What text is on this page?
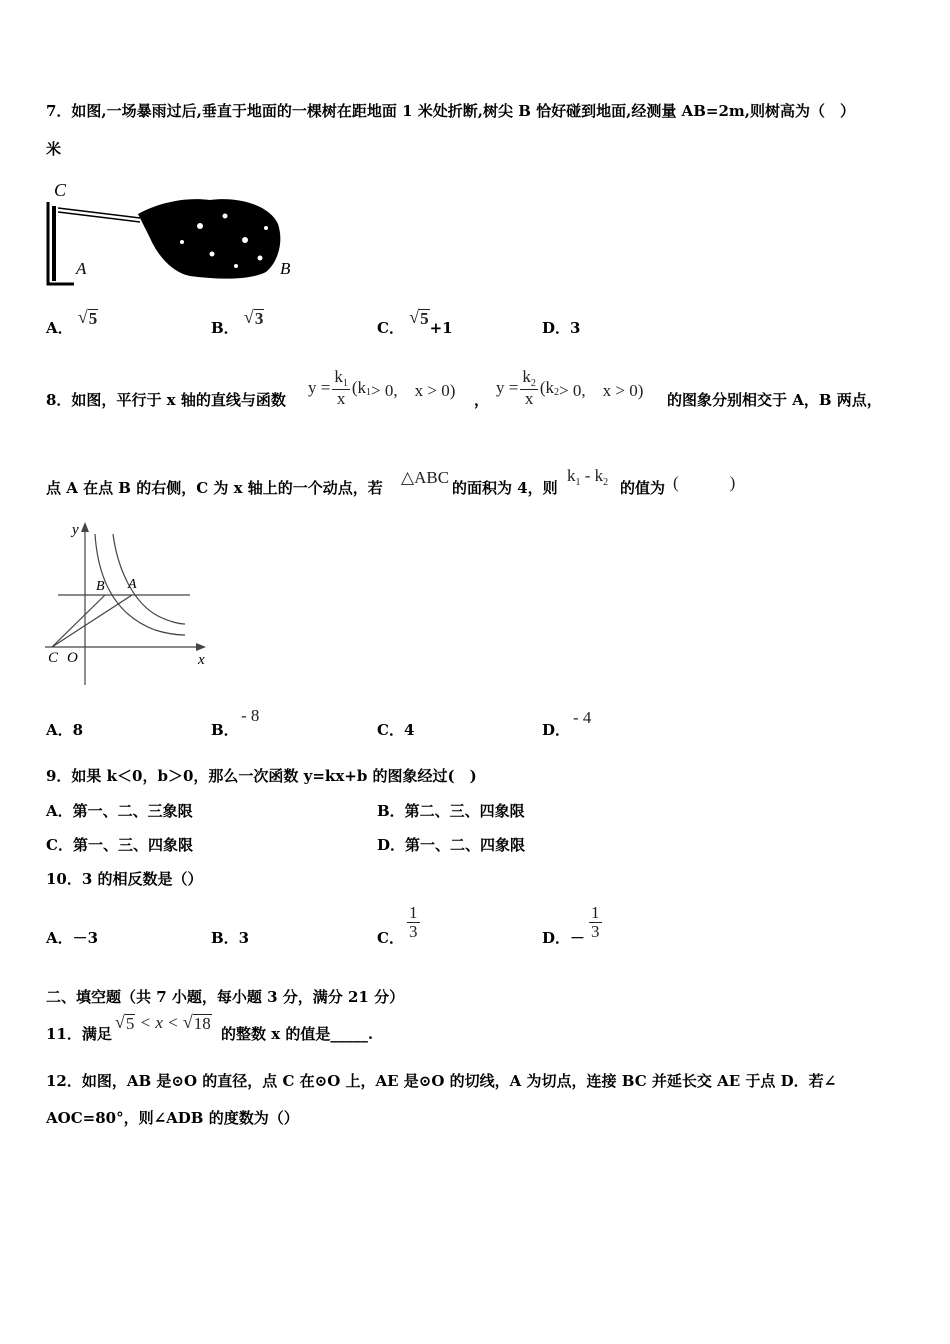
7．如图,一场暴雨过后,垂直于地面的一棵树在距地面 1 米处折断,树尖 B 恰好碰到地面,经测量 AB=2m,则树高为（　）
米
C
A	B
A．
√ 5	B．
√ 3	C．
√ 5 +1	D．3
8．如图，平行于 x 轴的直线与函数
$y = \frac{k_1}{x} (k$ 1 > 0,　x > 0)
，
$y = \frac{k_2}{x} (k$ 2 > 0,　x > 0)
的图象分别相交于 A，B 两点，
点 A 在点 B 的右侧，C 为 x 轴上的一个动点，若
△ABC
的面积为 4，则
$k_1 - k_2$ 的值为 (　　　)
y
x
C O
B A
A．8	B．
- 8
C．4	D．
- 4
9．如果 k＜0，b＞0，那么一次函数 y=kx+b 的图象经过(　)
A．第一、二、三象限	B．第二、三、四象限
C．第一、三、四象限	D．第一、二、四象限
10．3 的相反数是（）
A．－3	B．3	C． $\frac{1}{3}$	D．－ $\frac{1}{3}$
二、填空题（共 7 小题，每小题 3 分，满分 21 分）
11．满足
√ 5 < x < √ 18
的整数 x 的值是_____.
12．如图，AB 是⊙O 的直径，点 C 在⊙O 上，AE 是⊙O 的切线，A 为切点，连接 BC 并延长交 AE 于点 D．若∠
AOC=80°，则∠ADB 的度数为（）
